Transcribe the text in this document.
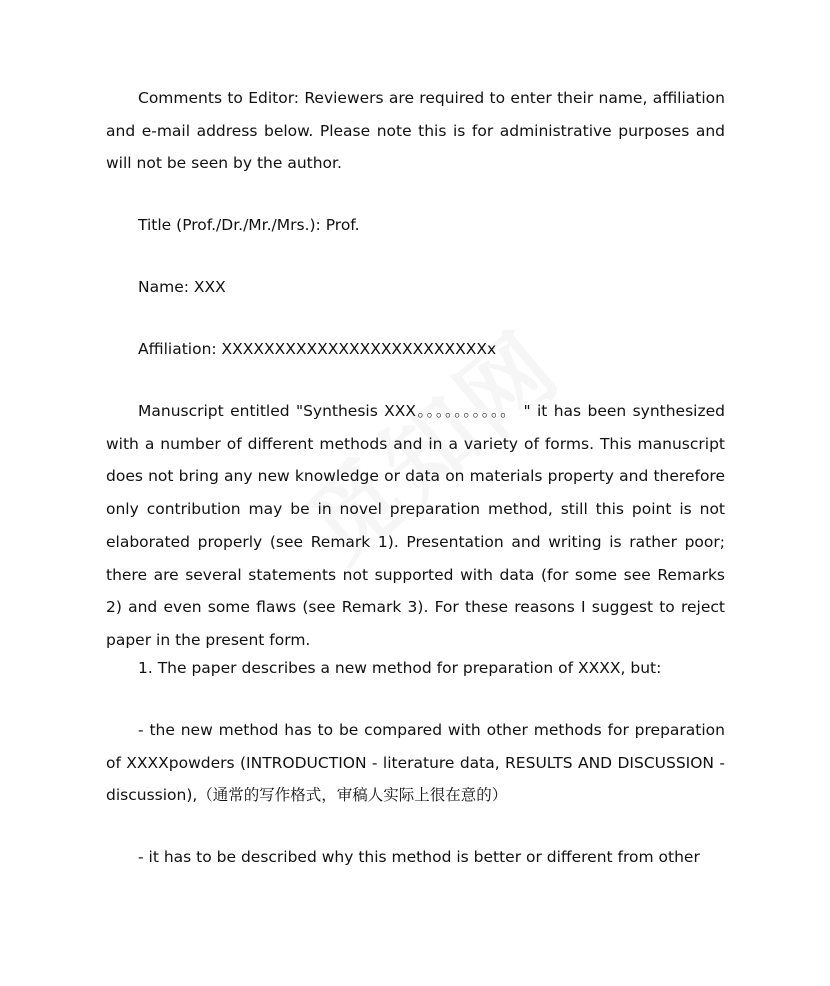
Comments to Editor: Reviewers are required to enter their name, affiliation and e-mail address below. Please note this is for administrative purposes and will not be seen by the author.

Title (Prof./Dr./Mr./Mrs.): Prof.

Name: XXX

Affiliation: XXXXXXXXXXXXXXXXXXXXXXXXXx

Manuscript entitled "Synthesis XXX。。。。。。。。。。 " it has been synthesized with a number of different methods and in a variety of forms. This manuscript does not bring any new knowledge or data on materials property and therefore only contribution may be in novel preparation method, still this point is not elaborated properly (see Remark 1). Presentation and writing is rather poor; there are several statements not supported with data (for some see Remarks 2) and even some flaws (see Remark 3). For these reasons I suggest to reject paper in the present form.

1. The paper describes a new method for preparation of XXXX, but:

- the new method has to be compared with other methods for preparation of XXXXpowders (INTRODUCTION - literature data, RESULTS AND DISCUSSION - discussion),（通常的写作格式，审稿人实际上很在意的）

- it has to be described why this method is better or different from other
